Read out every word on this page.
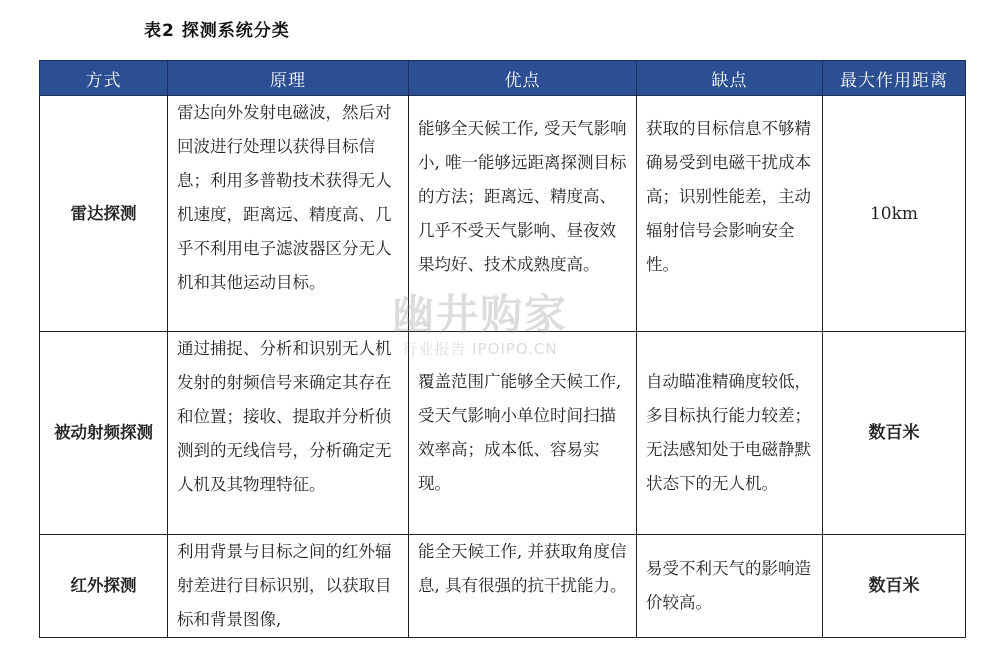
表2 探测系统分类
方式	原理	优点	缺点	最大作用距离
雷达探测	雷达向外发射电磁波，然后对回波进行处理以获得目标信息；利用多普勒技术获得无人机速度，距离远、精度高、几乎不利用电子滤波器区分无人机和其他运动目标。	能够全天候工作, 受天气影响小, 唯一能够远距离探测目标的方法；距离远、精度高、几乎不受天气影响、昼夜效果均好、技术成熟度高。	获取的目标信息不够精确易受到电磁干扰成本高；识别性能差，主动辐射信号会影响安全性。	10km
被动射频探测	通过捕捉、分析和识别无人机发射的射频信号来确定其存在和位置；接收、提取并分析侦测到的无线信号，分析确定无人机及其物理特征。	覆盖范围广能够全天候工作, 受天气影响小单位时间扫描效率高；成本低、容易实现。	自动瞄准精确度较低，多目标执行能力较差；无法感知处于电磁静默状态下的无人机。	数百米
红外探测	利用背景与目标之间的红外辐射差进行目标识别，以获取目标和背景图像,	能全天候工作, 并获取角度信息, 具有很强的抗干扰能力。	易受不利天气的影响造价较高。	数百米
幽井购家
行业报告 IPOIPO.CN
